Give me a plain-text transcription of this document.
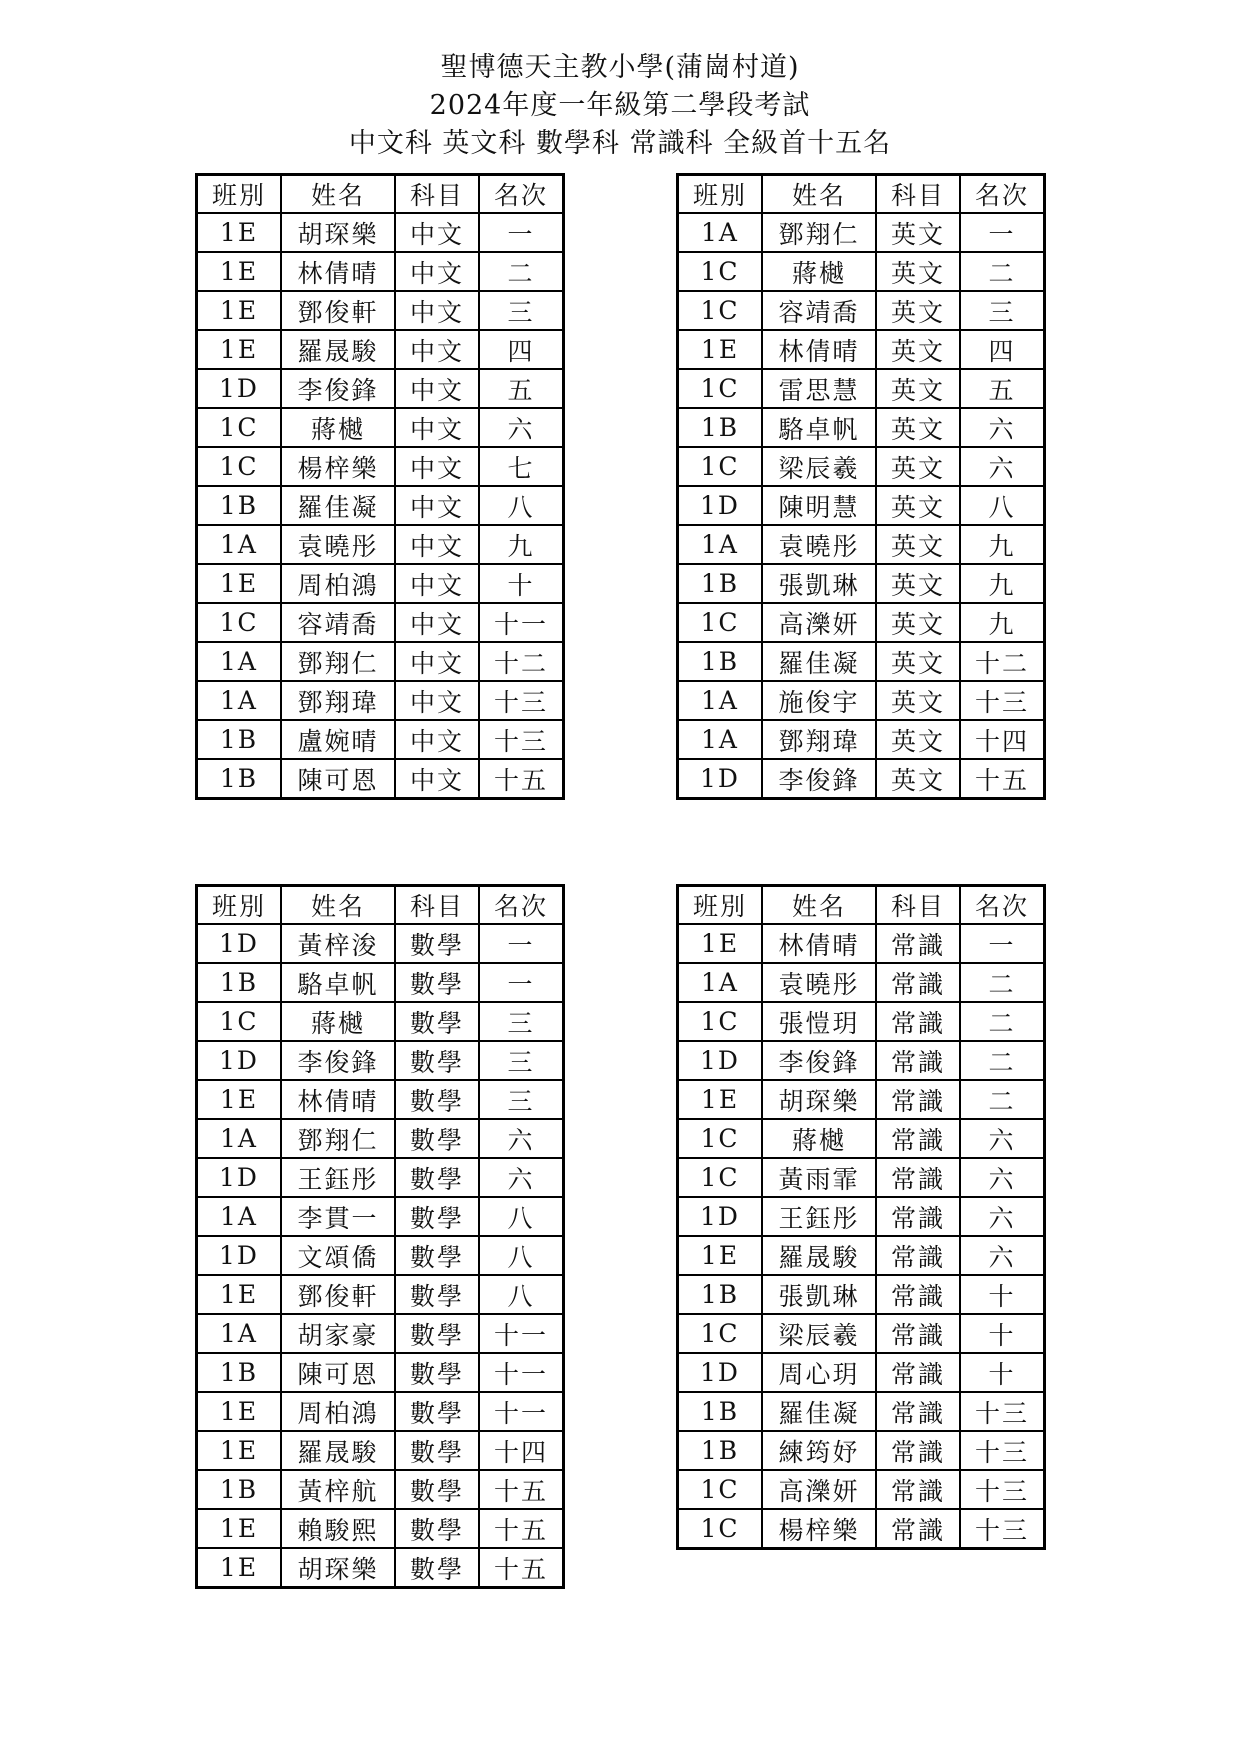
聖博德天主教小學(蒲崗村道)
2024年度一年級第二學段考試
中文科 英文科 數學科 常識科 全級首十五名
班別	姓名	科目	名次
1E	胡琛樂	中文	一
1E	林倩晴	中文	二
1E	鄧俊軒	中文	三
1E	羅晟駿	中文	四
1D	李俊鋒	中文	五
1C	蔣樾	中文	六
1C	楊梓樂	中文	七
1B	羅佳凝	中文	八
1A	袁曉彤	中文	九
1E	周柏鴻	中文	十
1C	容靖喬	中文	十一
1A	鄧翔仁	中文	十二
1A	鄧翔瑋	中文	十三
1B	盧婉晴	中文	十三
1B	陳可恩	中文	十五
班別	姓名	科目	名次
1A	鄧翔仁	英文	一
1C	蔣樾	英文	二
1C	容靖喬	英文	三
1E	林倩晴	英文	四
1C	雷思慧	英文	五
1B	駱卓帆	英文	六
1C	梁辰羲	英文	六
1D	陳明慧	英文	八
1A	袁曉彤	英文	九
1B	張凱琳	英文	九
1C	高濼妍	英文	九
1B	羅佳凝	英文	十二
1A	施俊宇	英文	十三
1A	鄧翔瑋	英文	十四
1D	李俊鋒	英文	十五
班別	姓名	科目	名次
1D	黃梓浚	數學	一
1B	駱卓帆	數學	一
1C	蔣樾	數學	三
1D	李俊鋒	數學	三
1E	林倩晴	數學	三
1A	鄧翔仁	數學	六
1D	王鈺彤	數學	六
1A	李貫一	數學	八
1D	文頌僑	數學	八
1E	鄧俊軒	數學	八
1A	胡家豪	數學	十一
1B	陳可恩	數學	十一
1E	周柏鴻	數學	十一
1E	羅晟駿	數學	十四
1B	黃梓航	數學	十五
1E	賴駿熙	數學	十五
1E	胡琛樂	數學	十五
班別	姓名	科目	名次
1E	林倩晴	常識	一
1A	袁曉彤	常識	二
1C	張愷玥	常識	二
1D	李俊鋒	常識	二
1E	胡琛樂	常識	二
1C	蔣樾	常識	六
1C	黃雨霏	常識	六
1D	王鈺彤	常識	六
1E	羅晟駿	常識	六
1B	張凱琳	常識	十
1C	梁辰羲	常識	十
1D	周心玥	常識	十
1B	羅佳凝	常識	十三
1B	練筠妤	常識	十三
1C	高濼妍	常識	十三
1C	楊梓樂	常識	十三
